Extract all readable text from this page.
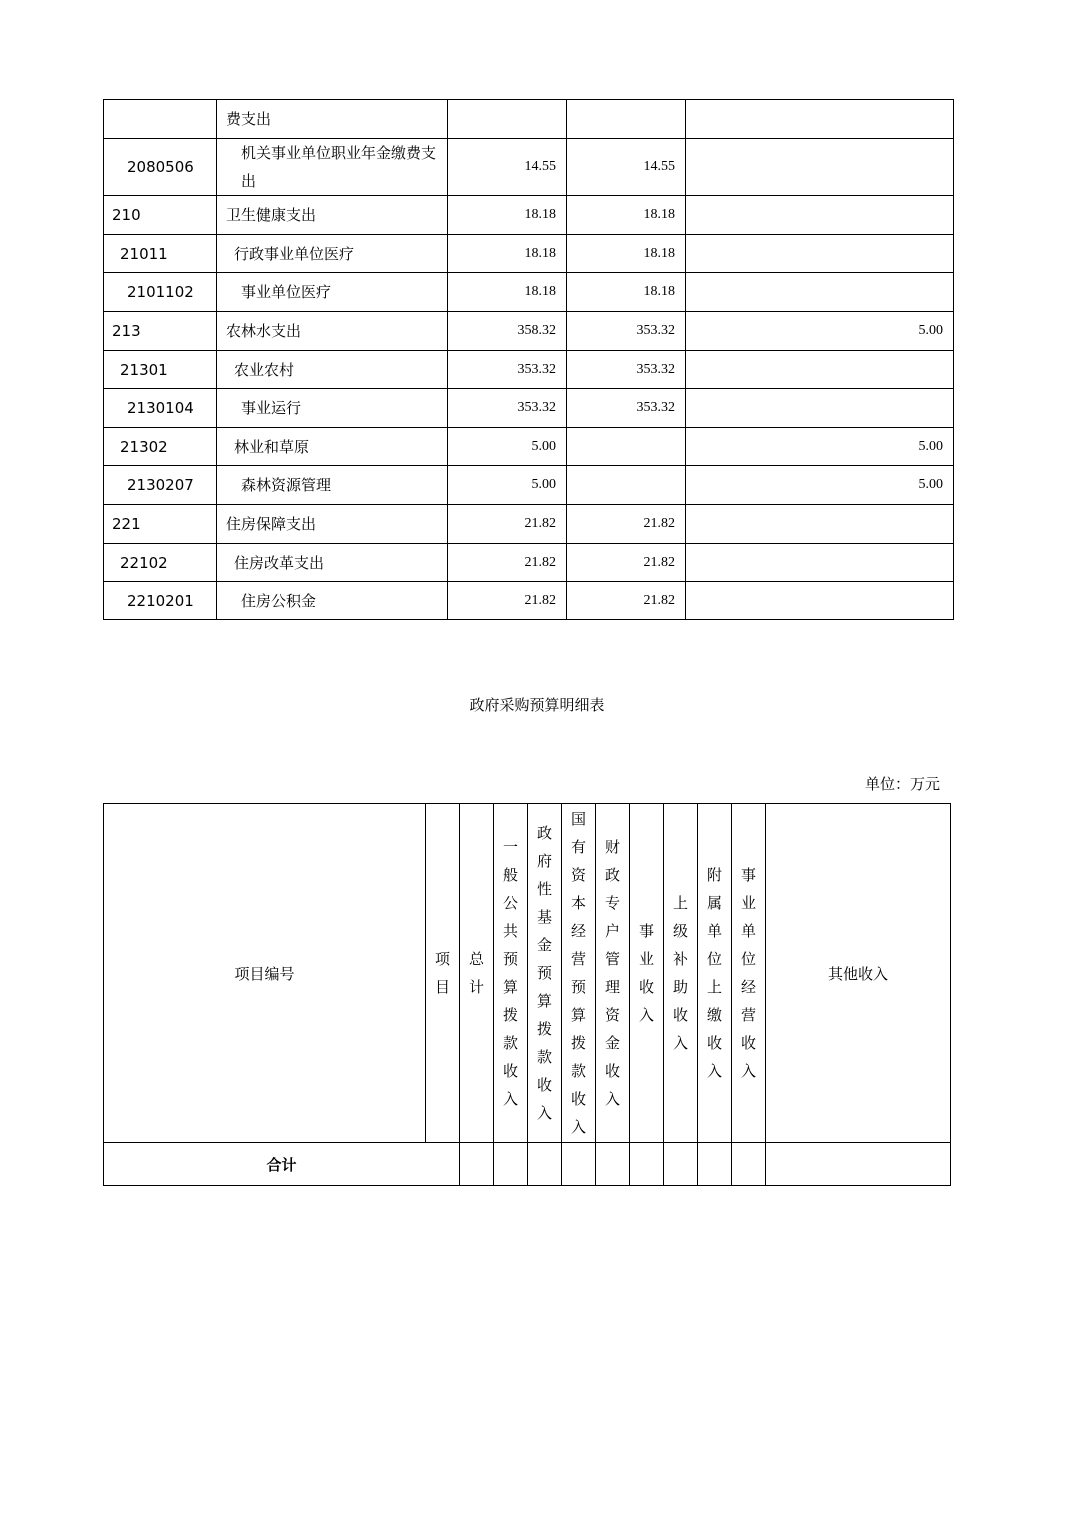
	费支出			
2080506	机关事业单位职业年金缴费支出	14.55	14.55	
210	卫生健康支出	18.18	18.18	
21011	行政事业单位医疗	18.18	18.18	
2101102	事业单位医疗	18.18	18.18	
213	农林水支出	358.32	353.32	5.00
21301	农业农村	353.32	353.32	
2130104	事业运行	353.32	353.32	
21302	林业和草原	5.00		5.00
2130207	森林资源管理	5.00		5.00
221	住房保障支出	21.82	21.82	
22102	住房改革支出	21.82	21.82	
2210201	住房公积金	21.82	21.82	
政府采购预算明细表
单位：万元
项目编号	项目	总计	一般公共预算拨款收入	政府性基金预算拨款收入	国有资本经营预算拨款收入	财政专户管理资金收入	事业收入	上级补助收入	附属单位上缴收入	事业单位经营收入	其他收入
合计											
